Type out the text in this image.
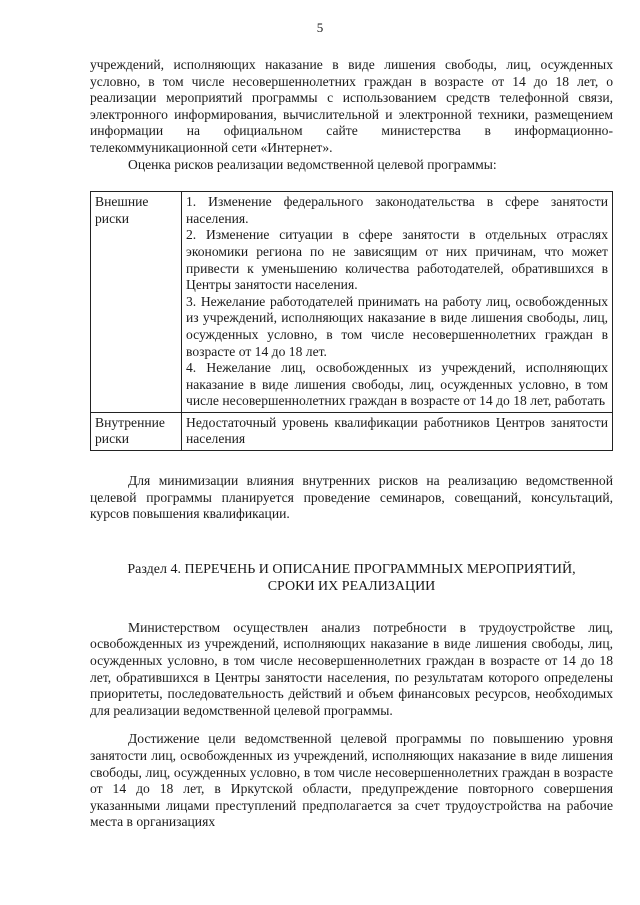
5

учреждений, исполняющих наказание в виде лишения свободы, лиц, осужденных условно, в том числе несовершеннолетних граждан в возрасте от 14 до 18 лет, о реализации мероприятий программы с использованием средств телефонной связи, электронного информирования, вычислительной и электронной техники, размещением информации на официальном сайте министерства в информационно-телекоммуникационной сети «Интернет».

Оценка рисков реализации ведомственной целевой программы:

Внешние риски	1. Изменение федерального законодательства в сфере занятости населения.

2. Изменение ситуации в сфере занятости в отдельных отраслях экономики региона по не зависящим от них причинам, что может привести к уменьшению количества работодателей, обратившихся в Центры занятости населения.

3. Нежелание работодателей принимать на работу лиц, освобожденных из учреждений, исполняющих наказание в виде лишения свободы, лиц, осужденных условно, в том числе несовершеннолетних граждан в возрасте от 14 до 18 лет.

4. Нежелание лиц, освобожденных из учреждений, исполняющих наказание в виде лишения свободы, лиц, осужденных условно, в том числе несовершеннолетних граждан в возрасте от 14 до 18 лет, работать

Внутренние риски	Недостаточный уровень квалификации работников Центров занятости населения

Для минимизации влияния внутренних рисков на реализацию ведомственной целевой программы планируется проведение семинаров, совещаний, консультаций, курсов повышения квалификации.

Раздел 4. ПЕРЕЧЕНЬ И ОПИСАНИЕ ПРОГРАММНЫХ МЕРОПРИЯТИЙ,

СРОКИ ИХ РЕАЛИЗАЦИИ

Министерством осуществлен анализ потребности в трудоустройстве лиц, освобожденных из учреждений, исполняющих наказание в виде лишения свободы, лиц, осужденных условно, в том числе несовершеннолетних граждан в возрасте от 14 до 18 лет, обратившихся в Центры занятости населения, по результатам которого определены приоритеты, последовательность действий и объем финансовых ресурсов, необходимых для реализации ведомственной целевой программы.

Достижение цели ведомственной целевой программы по повышению уровня занятости лиц, освобожденных из учреждений, исполняющих наказание в виде лишения свободы, лиц, осужденных условно, в том числе несовершеннолетних граждан в возрасте от 14 до 18 лет, в Иркутской области, предупреждение повторного совершения указанными лицами преступлений предполагается за счет трудоустройства на рабочие места в организациях
